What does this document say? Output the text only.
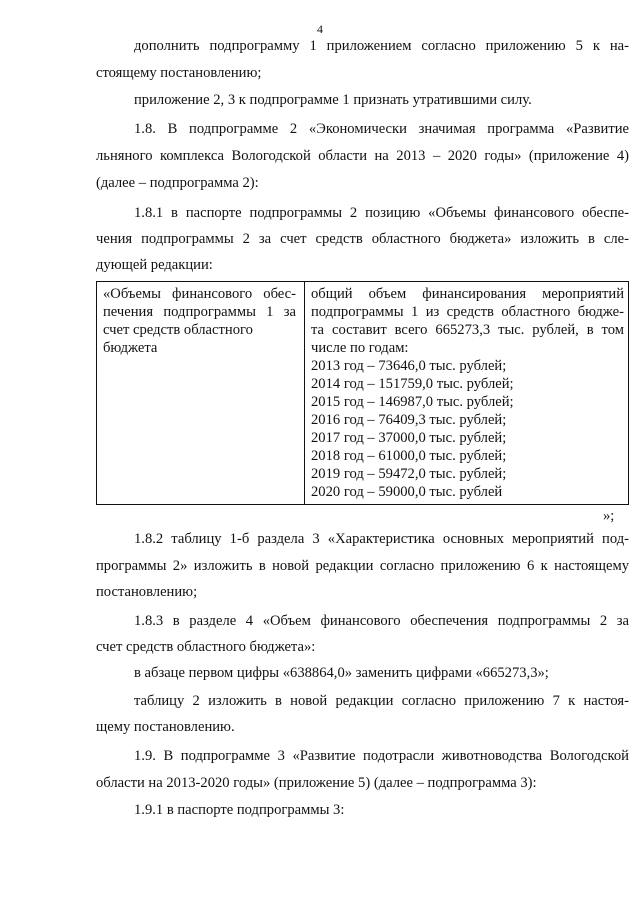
4
дополнить подпрограмму 1 приложением согласно приложению 5 к на-
стоящему постановлению;
приложение 2, 3 к подпрограмме 1 признать утратившими силу.
1.8. В подпрограмме 2 «Экономически значимая программа «Развитие
льняного комплекса Вологодской области на 2013 – 2020 годы» (приложение 4)
(далее – подпрограмма 2):
1.8.1 в паспорте подпрограммы 2 позицию «Объемы финансового обеспе-
чения подпрограммы 2 за счет средств областного бюджета» изложить в сле-
дующей редакции:
«Объемы финансового обес-
печения подпрограммы 1 за
счет средств областного
бюджета
общий объем финансирования мероприятий
подпрограммы 1 из средств областного бюдже-
та составит всего 665273,3 тыс. рублей, в том
числе по годам:
2013 год – 73646,0 тыс. рублей;
2014 год – 151759,0 тыс. рублей;
2015 год – 146987,0 тыс. рублей;
2016 год – 76409,3 тыс. рублей;
2017 год – 37000,0 тыс. рублей;
2018 год – 61000,0 тыс. рублей;
2019 год – 59472,0 тыс. рублей;
2020 год – 59000,0 тыс. рублей
»;
1.8.2 таблицу 1-б раздела 3 «Характеристика основных мероприятий под-
программы 2» изложить в новой редакции согласно приложению 6 к настоящему
постановлению;
1.8.3 в разделе 4 «Объем финансового обеспечения подпрограммы 2 за
счет средств областного бюджета»:
в абзаце первом цифры «638864,0» заменить цифрами «665273,3»;
таблицу 2 изложить в новой редакции согласно приложению 7 к настоя-
щему постановлению.
1.9. В подпрограмме 3 «Развитие подотрасли животноводства Вологодской
области на 2013-2020 годы» (приложение 5) (далее – подпрограмма 3):
1.9.1 в паспорте подпрограммы 3:
